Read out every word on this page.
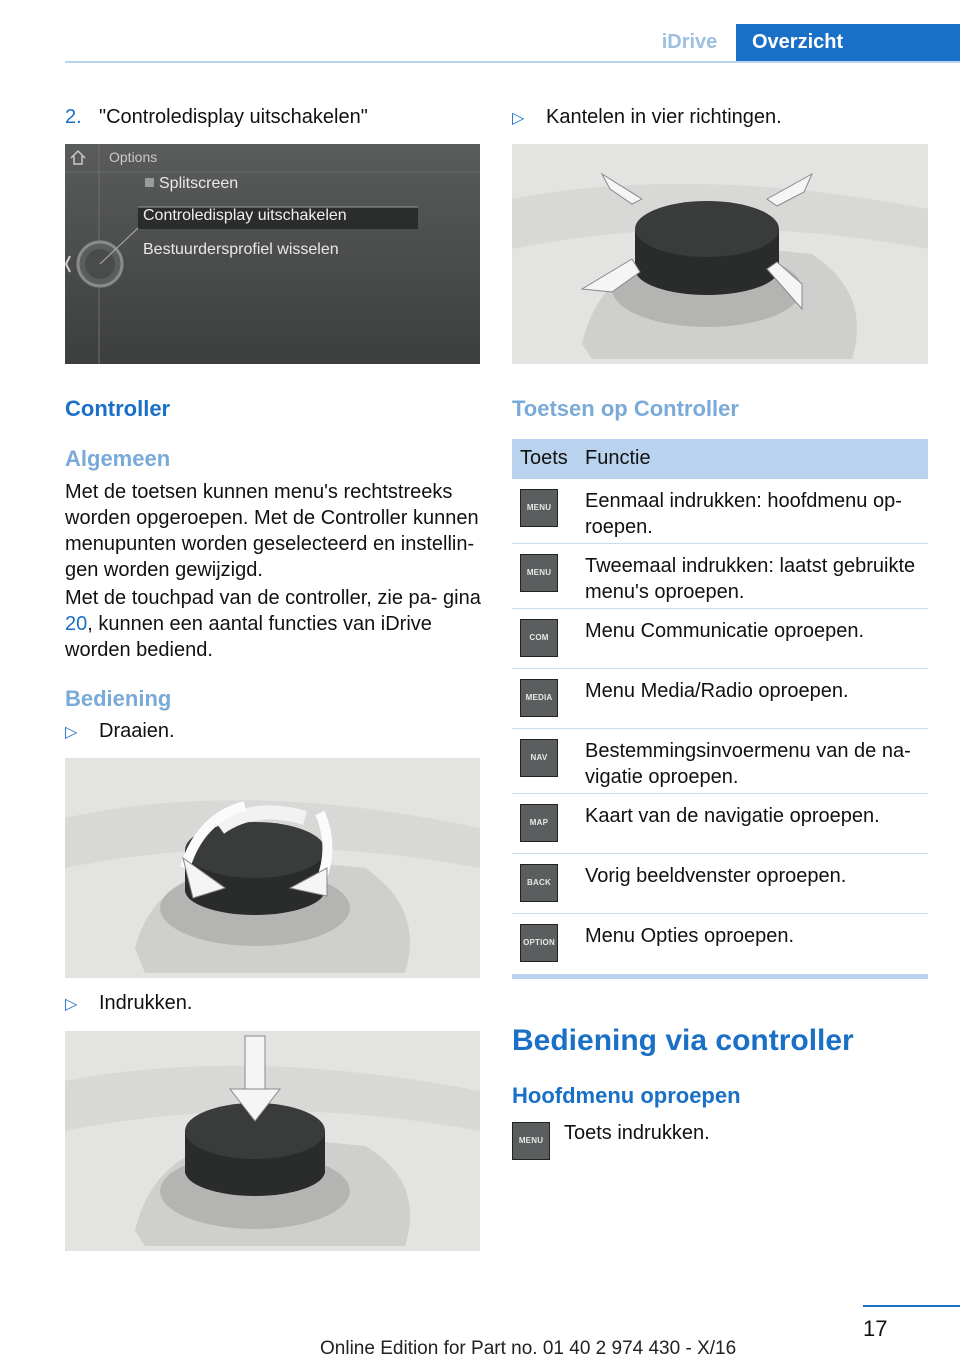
iDrive	Overzicht
2. "Controledisplay uitschakelen"
Options
Splitscreen
Controledisplay uitschakelen
Bestuurdersprofiel wisselen
Controller
Algemeen
Met de toetsen kunnen menu's rechtstreeks worden opgeroepen. Met de Controller kunnen menupunten worden geselecteerd en instellin‐gen worden gewijzigd.
Met de touchpad van de controller, zie pa‐ gina 20, kunnen een aantal functies van iDrive worden bediend.
Bediening
▷ Draaien.
▷ Indrukken.
▷ Kantelen in vier richtingen.
Toetsen op Controller
Toets Functie
MENU	Eenmaal indrukken: hoofdmenu op‐ roepen.
MENU	Tweemaal indrukken: laatst gebruikte menu's oproepen.
COM	Menu Communicatie oproepen.
MEDIA Menu Media/Radio oproepen.
NAV	Bestemmingsinvoermenu van de na‐ vigatie oproepen.
MAP	Kaart van de navigatie oproepen.
BACK	Vorig beeldvenster oproepen.
OPTION Menu Opties oproepen.
Bediening via controller
Hoofdmenu oproepen
MENU	Toets indrukken.
17
Online Edition for Part no. 01 40 2 974 430 - X/16
